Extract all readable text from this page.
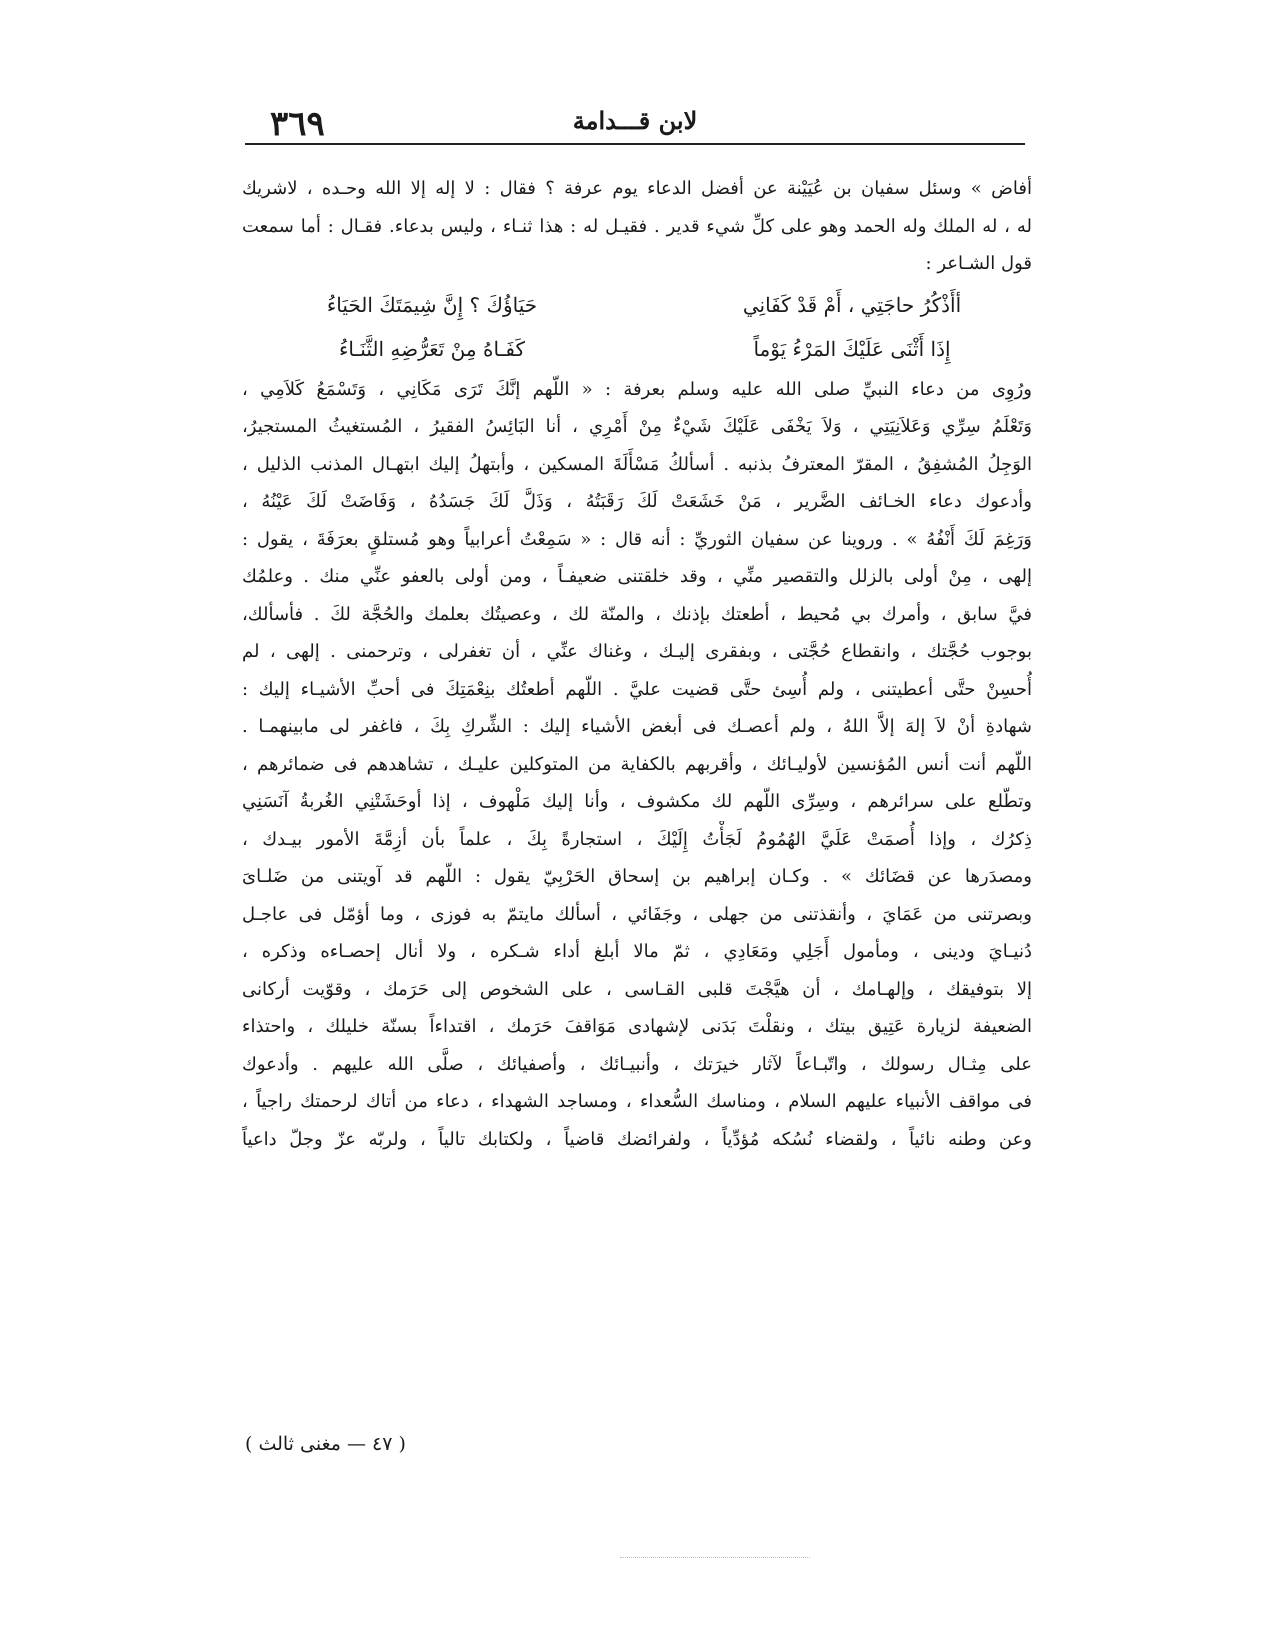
٣٦٩	لابن قـــدامة
أفاض » وسئل سفيان بن عُيَيْنة عن أفضل الدعاء يوم عرفة ؟ فقال : لا إله إلا الله وحـده ، لاشريك
له ، له الملك وله الحمد وهو على كلِّ شيء قدير . فقيـل له : هذا ثنـاء ، وليس بدعاء. فقـال : أما سمعت
قول الشـاعر :
أأَذْكُرُ حاجَتِي ، أَمْ قَدْ كَفَانِي
حَيَاؤُكَ ؟ إِنَّ شِيمَتَكَ الحَيَاءُ
إِذَا أَثْنَى عَلَيْكَ المَرْءُ يَوْماً
كَفَـاهُ مِنْ تَعَرُّضِهِ الثَّنَـاءُ
ورُوِى من دعاء النبيِّ صلى الله عليه وسلم بعرفة : « اللّهم إنَّكَ تَرَى مَكَانِي ، وَتَسْمَعُ كَلاَمِي ،
وَتَعْلَمُ سِرِّي وَعَلاَنِيَتِي ، وَلاَ يَخْفَى عَلَيْكَ شَيْءٌ مِنْ أَمْرِي ، أنا البَائِسُ الفقيرُ ، المُستغيثُ المستجيرُ،
الوَجِلُ المُشفِقُ ، المقرّ المعترفُ بذنبه . أسألكُ مَسْأَلَةَ المسكين ، وأبتهلُ إليك ابتهـال المذنب الذليل ،
وأدعوك دعاء الخـائف الضَّرير ، مَنْ خَشَعَتْ لَكَ رَقَبَتُهُ ، وَذَلَّ لَكَ جَسَدُهُ ، وَفَاضَتْ لَكَ عَيْنُهُ ،
وَرَغِمَ لَكَ أَنْفُهُ » . وروينا عن سفيان الثوريِّ : أنه قال : « سَمِعْتُ أعرابياً وهو مُستلقٍ بعرَفَةَ ، يقول :
إلهى ، مِنْ أولى بالزلل والتقصير منِّي ، وقد خلقتنى ضعيفـاً ، ومن أولى بالعفو عنِّي منك . وعلمُك
فيَّ سابق ، وأمرك بي مُحيط ، أطعتك بإذنك ، والمنّة لك ، وعصيتُك بعلمك والحُجَّة لكَ . فأسألك،
بوجوب حُجَّتك ، وانقطاع حُجَّتى ، وبفقرى إليـك ، وغناك عنِّي ، أن تغفرلى ، وترحمنى . إلهى ، لم
أُحسِنْ حتَّى أعطيتنى ، ولم أُسِئ حتَّى قضيت عليَّ . اللّهم أطعتُك بنِعْمَتِكَ فى أحبِّ الأشيـاء إليك :
شهادةِ أنْ لاَ إلهَ إلاَّ اللهُ ، ولم أعصـك فى أبغض الأشياء إليك : الشِّركِ بِكَ ، فاغفر لى مابينهمـا .
اللّهم أنت أنس المُؤنسين لأوليـائك ، وأقربهم بالكفاية من المتوكلين عليـك ، تشاهدهم فى ضمائرهم ،
وتطّلع على سرائرهم ، وسِرِّى اللّهم لك مكشوف ، وأنا إليك مَلْهوف ، إذا أوحَشَتْنِي الغُربةُ آنَسَنِي
ذِكرُك ، وإذا أُصمَتْ عَلَيَّ الهُمُومُ لَجَأْتُ إِلَيْكَ ، استجارةً بِكَ ، علماً بأن أزِمَّةَ الأمور بيـدك ،
ومصدَرها عن قضَائك » . وكـان إبراهيم بن إسحاق الحَرْبِيّ يقول : اللّهم قد آويتنى من ضَلـاىَ
وبصرتنى من عَمَايَ ، وأنقذتنى من جهلى ، وجَفَائي ، أسألك مايتمّ به فوزى ، وما أؤمّل فى عاجـل
دُنيـايَ ودينى ، ومأمول أَجَلِي ومَعَادِي ، ثمّ مالا أبلغ أداء شـكره ، ولا أنال إحصـاءه وذكره ،
إلا بتوفيقك ، وإلهـامك ، أن هيَّجْتَ قلبى القـاسى ، على الشخوص إلى حَرَمك ، وقوّيت أركانى
الضعيفة لزيارة عَتِيق بيتك ، ونقلْتَ بَدَنى لإشهادى مَوَاقفَ حَرَمك ، اقتداءاً بسنّة خليلك ، واحتذاء
على مِثـال رسولك ، واتّبـاعاً لآثار خيرَتك ، وأنبيـائك ، وأصفيائك ، صلَّى الله عليهم . وأدعوك
فى مواقف الأنبياء عليهم السلام ، ومناسك السُّعداء ، ومساجد الشهداء ، دعاء من أتاك لرحمتك راجياً ،
وعن وطنه نائياً ، ولقضاء نُسُكه مُؤدِّياً ، ولفرائضك قاضياً ، ولكتابك تالياً ، ولربّه عزّ وجلّ داعياً
( ٤٧ — مغنى ثالث )
